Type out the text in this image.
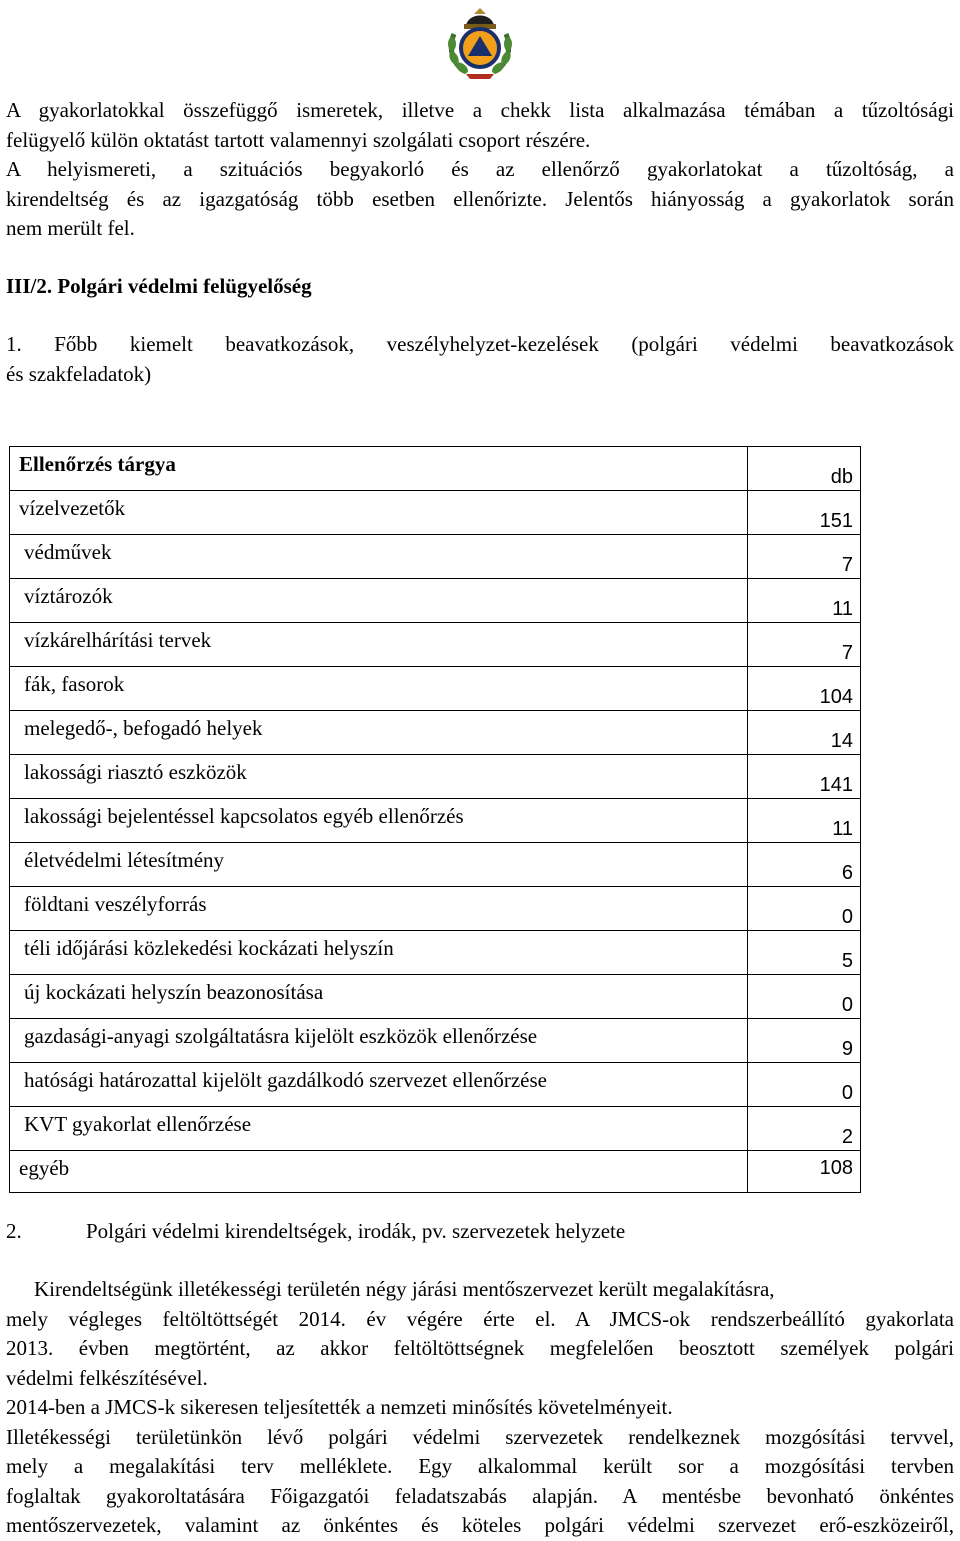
A gyakorlatokkal összefüggő ismeretek, illetve a chekk lista alkalmazása témában a tűzoltósági
felügyelő külön oktatást tartott valamennyi szolgálati csoport részére.
A helyismereti, a szituációs begyakorló és az ellenőrző gyakorlatokat a tűzoltóság, a
kirendeltség és az igazgatóság több esetben ellenőrizte. Jelentős hiányosság a gyakorlatok során
nem merült fel.
III/2. Polgári védelmi felügyelőség
1. Főbb kiemelt beavatkozások, veszélyhelyzet-kezelések (polgári védelmi beavatkozások
és szakfeladatok)
Ellenőrzés tárgya	db
vízelvezetők	151
védművek	7
víztározók	11
vízkárelhárítási tervek	7
fák, fasorok	104
melegedő-, befogadó helyek	14
lakossági riasztó eszközök	141
lakossági bejelentéssel kapcsolatos egyéb ellenőrzés	11
életvédelmi létesítmény	6
földtani veszélyforrás	0
téli időjárási közlekedési kockázati helyszín	5
új kockázati helyszín beazonosítása	0
gazdasági-anyagi szolgáltatásra kijelölt eszközök ellenőrzése	9
hatósági határozattal kijelölt gazdálkodó szervezet ellenőrzése	0
KVT gyakorlat ellenőrzése	2
egyéb	108

2.	Polgári védelmi kirendeltségek, irodák, pv. szervezetek helyzete

Kirendeltségünk illetékességi területén négy járási mentőszervezet került megalakításra,
mely végleges feltöltöttségét 2014. év végére érte el. A JMCS-ok rendszerbeállító gyakorlata
2013. évben megtörtént, az akkor feltöltöttségnek megfelelően beosztott személyek polgári
védelmi felkészítésével.
2014-ben a JMCS-k sikeresen teljesítették a nemzeti minősítés követelményeit.
Illetékességi területünkön lévő polgári védelmi szervezetek rendelkeznek mozgósítási tervvel,
mely a megalakítási terv melléklete. Egy alkalommal került sor a mozgósítási tervben
foglaltak gyakoroltatására Főigazgatói feladatszabás alapján. A mentésbe bevonható önkéntes
mentőszervezetek, valamint az önkéntes és köteles polgári védelmi szervezet erő-eszközeiről,
